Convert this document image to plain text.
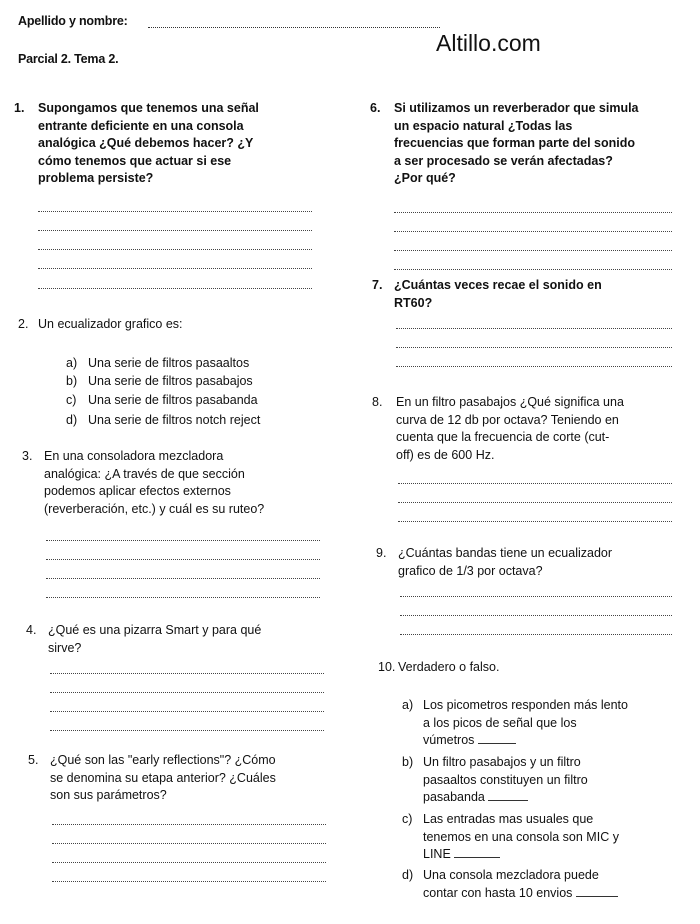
Apellido y nombre:
Altillo.com
Parcial 2. Tema 2.
1. Supongamos que tenemos una señal
entrante deficiente en una consola
analógica ¿Qué debemos hacer? ¿Y
cómo tenemos que actuar si ese
problema persiste?
2. Un ecualizador grafico es:
a) Una serie de filtros pasaaltos
b) Una serie de filtros pasabajos
c) Una serie de filtros pasabanda
d) Una serie de filtros notch reject
3. En una consoladora mezcladora
analógica: ¿A través de que sección
podemos aplicar efectos externos
(reverberación, etc.) y cuál es su ruteo?
4. ¿Qué es una pizarra Smart y para qué
sirve?
5. ¿Qué son las "early reflections"? ¿Cómo
se denomina su etapa anterior? ¿Cuáles
son sus parámetros?
6. Si utilizamos un reverberador que simula
un espacio natural ¿Todas las
frecuencias que forman parte del sonido
a ser procesado se verán afectadas?
¿Por qué?
7. ¿Cuántas veces recae el sonido en
RT60?
8. En un filtro pasabajos ¿Qué significa una
curva de 12 db por octava? Teniendo en
cuenta que la frecuencia de corte (cut-
off) es de 600 Hz.
9. ¿Cuántas bandas tiene un ecualizador
grafico de 1/3 por octava?
10. Verdadero o falso.
a) Los picometros responden más lento
a los picos de señal que los
vúmetros
b) Un filtro pasabajos y un filtro
pasaaltos constituyen un filtro
pasabanda
c) Las entradas mas usuales que
tenemos en una consola son MIC y
LINE
d) Una consola mezcladora puede
contar con hasta 10 envios
